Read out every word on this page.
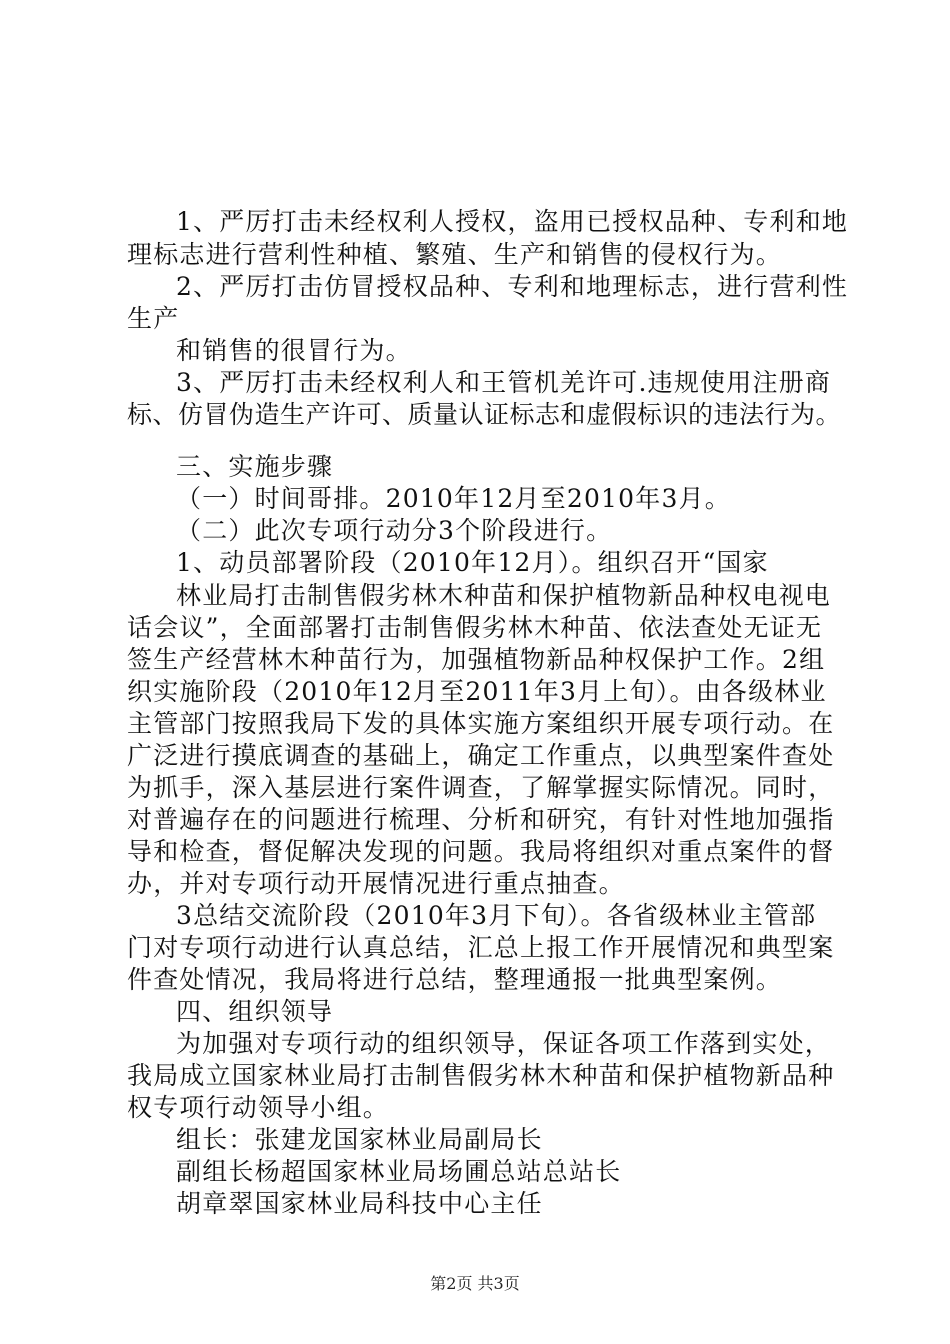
1、严厉打击未经权利人授权，盗用已授权品种、专利和地
理标志进行营利性种植、繁殖、生产和销售的侵权行为。
2、严厉打击仿冒授权品种、专利和地理标志，进行营利性
生产
和销售的很冒行为。
3、严厉打击未经权利人和王管机羌许可.违规使用注册商
标、仿冒伪造生产许可、质量认证标志和虚假标识的违法行为。
三、实施步骤
（一）时间哥排。2010年12月至2010年3月。
（二）此次专项行动分3个阶段进行。
1、动员部署阶段（2010年12月）。组织召开“国家
林业局打击制售假劣林木种苗和保护植物新品种权电视电
话会议”，全面部署打击制售假劣林木种苗、依法查处无证无
签生产经营林木种苗行为，加强植物新品种权保护工作。2组
织实施阶段（2010年12月至2011年3月上旬）。由各级林业
主管部门按照我局下发的具体实施方案组织开展专项行动。在
广泛进行摸底调查的基础上，确定工作重点，以典型案件查处
为抓手，深入基层进行案件调查，了解掌握实际情况。同时，
对普遍存在的问题进行梳理、分析和研究，有针对性地加强指
导和检查，督促解决发现的问题。我局将组织对重点案件的督
办，并对专项行动开展情况进行重点抽查。
3总结交流阶段（2010年3月下旬）。各省级林业主管部
门对专项行动进行认真总结，汇总上报工作开展情况和典型案
件查处情况，我局将进行总结，整理通报一批典型案例。
四、组织领导
为加强对专项行动的组织领导，保证各项工作落到实处，
我局成立国家林业局打击制售假劣林木种苗和保护植物新品种
权专项行动领导小组。
组长：张建龙国家林业局副局长
副组长杨超国家林业局场圃总站总站长
胡章翠国家林业局科技中心主任
第2页 共3页
